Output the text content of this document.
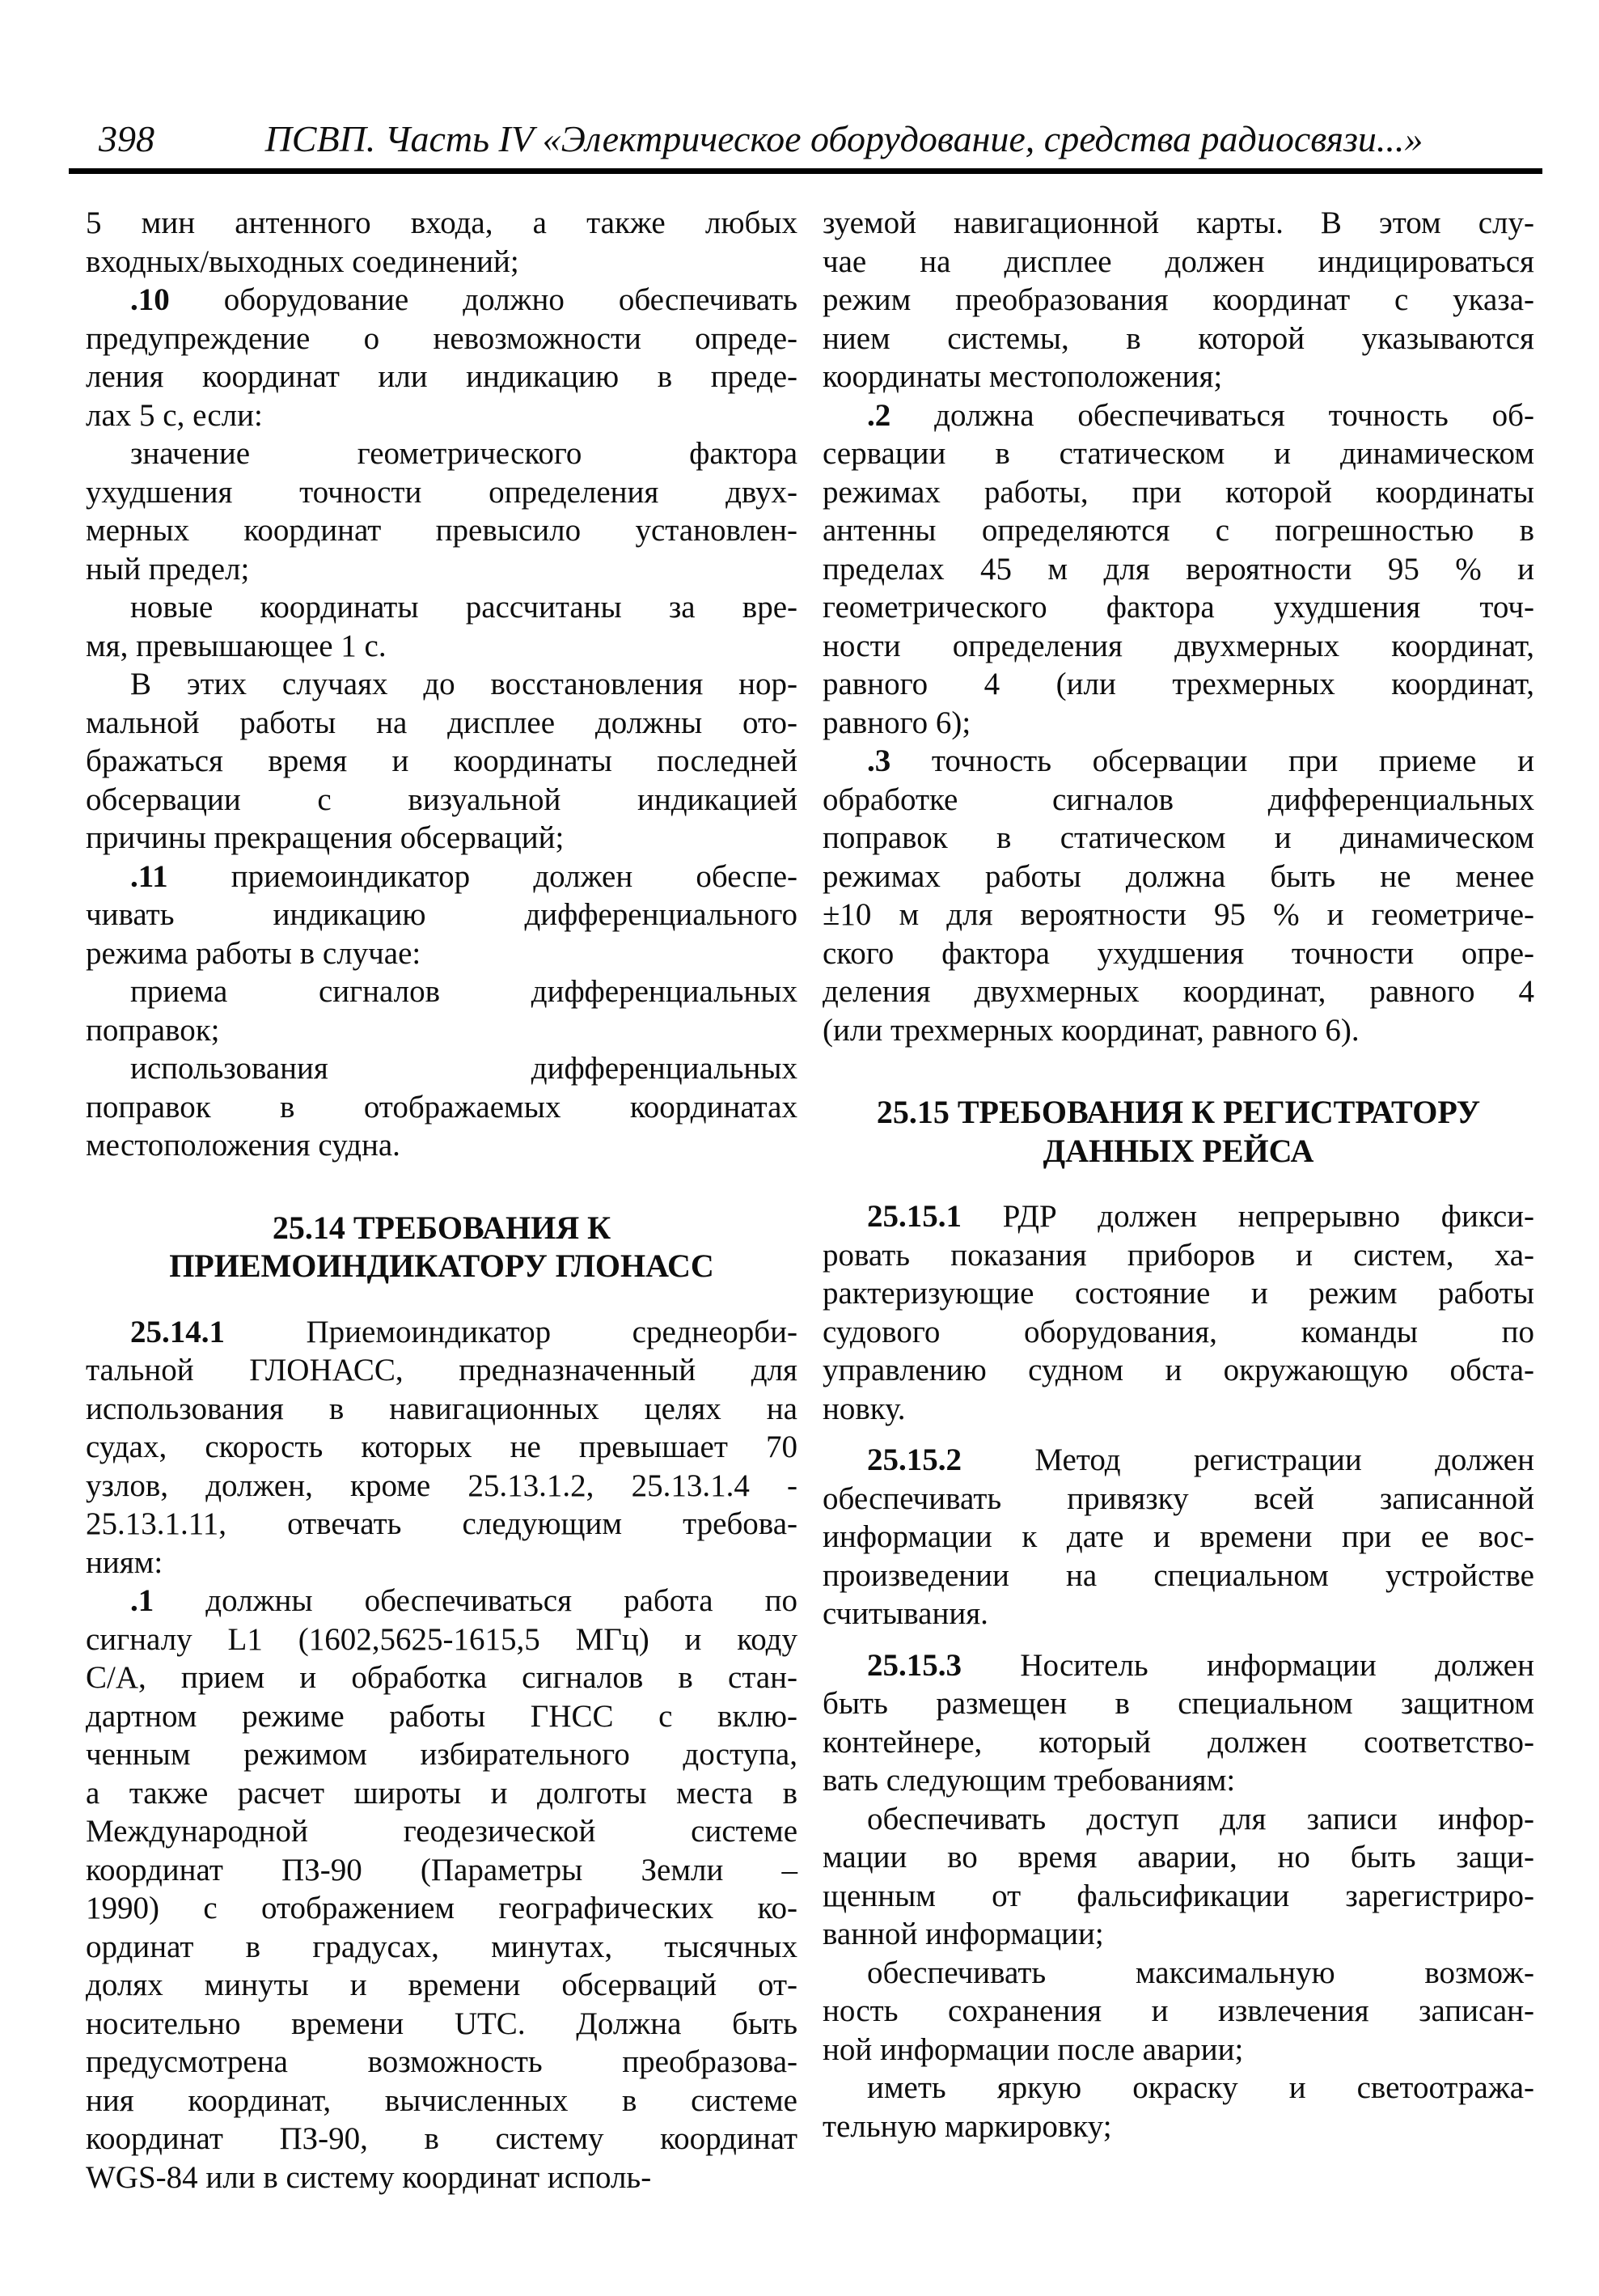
398	ПСВП. Часть IV «Электрическое оборудование, средства радиосвязи...»
5 мин антенного входа, а также любых
входных/выходных соединений;
.10 оборудование должно обеспечивать
предупреждение о невозможности опреде-
ления координат или индикацию в преде-
лах 5 с, если:
значение геометрического фактора
ухудшения точности определения двух-
мерных координат превысило установлен-
ный предел;
новые координаты рассчитаны за вре-
мя, превышающее 1 с.
В этих случаях до восстановления нор-
мальной работы на дисплее должны ото-
бражаться время и координаты последней
обсервации с визуальной индикацией
причины прекращения обсерваций;
.11 приемоиндикатор должен обеспе-
чивать индикацию дифференциального
режима работы в случае:
приема сигналов дифференциальных
поправок;
использования дифференциальных
поправок в отображаемых координатах
местоположения судна.
25.14 ТРЕБОВАНИЯ К
ПРИЕМОИНДИКАТОРУ ГЛОНАСС
25.14.1 Приемоиндикатор среднеорби-
тальной ГЛОНАСС, предназначенный для
использования в навигационных целях на
судах, скорость которых не превышает 70
узлов, должен, кроме 25.13.1.2, 25.13.1.4 -
25.13.1.11, отвечать следующим требова-
ниям:
.1 должны обеспечиваться работа по
сигналу L1 (1602,5625-1615,5 МГц) и коду
С/А, прием и обработка сигналов в стан-
дартном режиме работы ГНСС с вклю-
ченным режимом избирательного доступа,
а также расчет широты и долготы места в
Международной геодезической системе
координат ПЗ-90 (Параметры Земли –
1990) с отображением географических ко-
ординат в градусах, минутах, тысячных
долях минуты и времени обсерваций от-
носительно времени UTC. Должна быть
предусмотрена возможность преобразова-
ния координат, вычисленных в системе
координат ПЗ-90, в систему координат
WGS-84 или в систему координат исполь-
зуемой навигационной карты. В этом слу-
чае на дисплее должен индицироваться
режим преобразования координат с указа-
нием системы, в которой указываются
координаты местоположения;
.2 должна обеспечиваться точность об-
сервации в статическом и динамическом
режимах работы, при которой координаты
антенны определяются с погрешностью в
пределах 45 м для вероятности 95 % и
геометрического фактора ухудшения точ-
ности определения двухмерных координат,
равного 4 (или трехмерных координат,
равного 6);
.3 точность обсервации при приеме и
обработке сигналов дифференциальных
поправок в статическом и динамическом
режимах работы должна быть не менее
±10 м для вероятности 95 % и геометриче-
ского фактора ухудшения точности опре-
деления двухмерных координат, равного 4
(или трехмерных координат, равного 6).
25.15 ТРЕБОВАНИЯ К РЕГИСТРАТОРУ
ДАННЫХ РЕЙСА
25.15.1 РДР должен непрерывно фикси-
ровать показания приборов и систем, ха-
рактеризующие состояние и режим работы
судового оборудования, команды по
управлению судном и окружающую обста-
новку.
25.15.2 Метод регистрации должен
обеспечивать привязку всей записанной
информации к дате и времени при ее вос-
произведении на специальном устройстве
считывания.
25.15.3 Носитель информации должен
быть размещен в специальном защитном
контейнере, который должен соответство-
вать следующим требованиям:
обеспечивать доступ для записи инфор-
мации во время аварии, но быть защи-
щенным от фальсификации зарегистриро-
ванной информации;
обеспечивать максимальную возмож-
ность сохранения и извлечения записан-
ной информации после аварии;
иметь яркую окраску и светоотража-
тельную маркировку;
